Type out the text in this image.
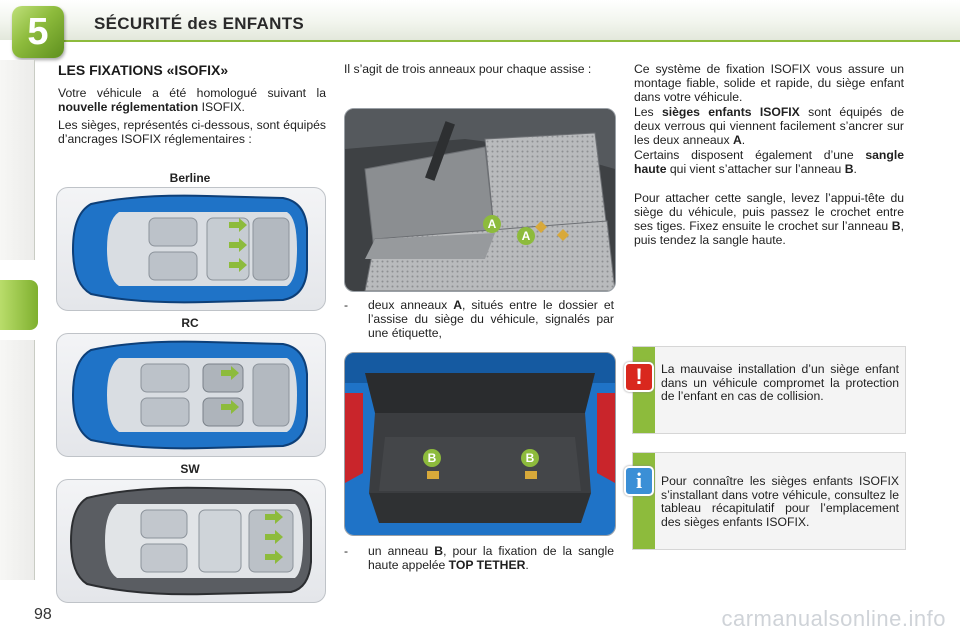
5	SÉCURITÉ des ENFANTS
LES FIXATIONS «ISOFIX»
Votre véhicule a été homologué suivant la nouvelle réglementation ISOFIX.
Les sièges, représentés ci-dessous, sont équipés d’ancrages ISOFIX réglementaires :
Berline
RC
SW
Il s’agit de trois anneaux pour chaque assise :
A
A
- deux anneaux A, situés entre le dossier et l’assise du siège du véhicule, signalés par une étiquette,
B	B
- un anneau B, pour la fixation de la sangle haute appelée TOP TETHER.
Ce système de fixation ISOFIX vous assure un montage fiable, solide et rapide, du siège enfant dans votre véhicule.
Les sièges enfants ISOFIX sont équipés de deux verrous qui viennent facilement s’ancrer sur les deux anneaux A.
Certains disposent également d’une sangle haute qui vient s’attacher sur l’anneau B.
Pour attacher cette sangle, levez l’appui-tête du siège du véhicule, puis passez le crochet entre ses tiges. Fixez ensuite le crochet sur l’anneau B, puis tendez la sangle haute.
La mauvaise installation d’un siège enfant dans un véhicule compromet la protection de l’enfant en cas de collision.
!
Pour connaître les sièges enfants ISOFIX s’installant dans votre véhicule, consultez le tableau récapitulatif pour l’emplacement des sièges enfants ISOFIX.
i
98	carmanualsonline.info
